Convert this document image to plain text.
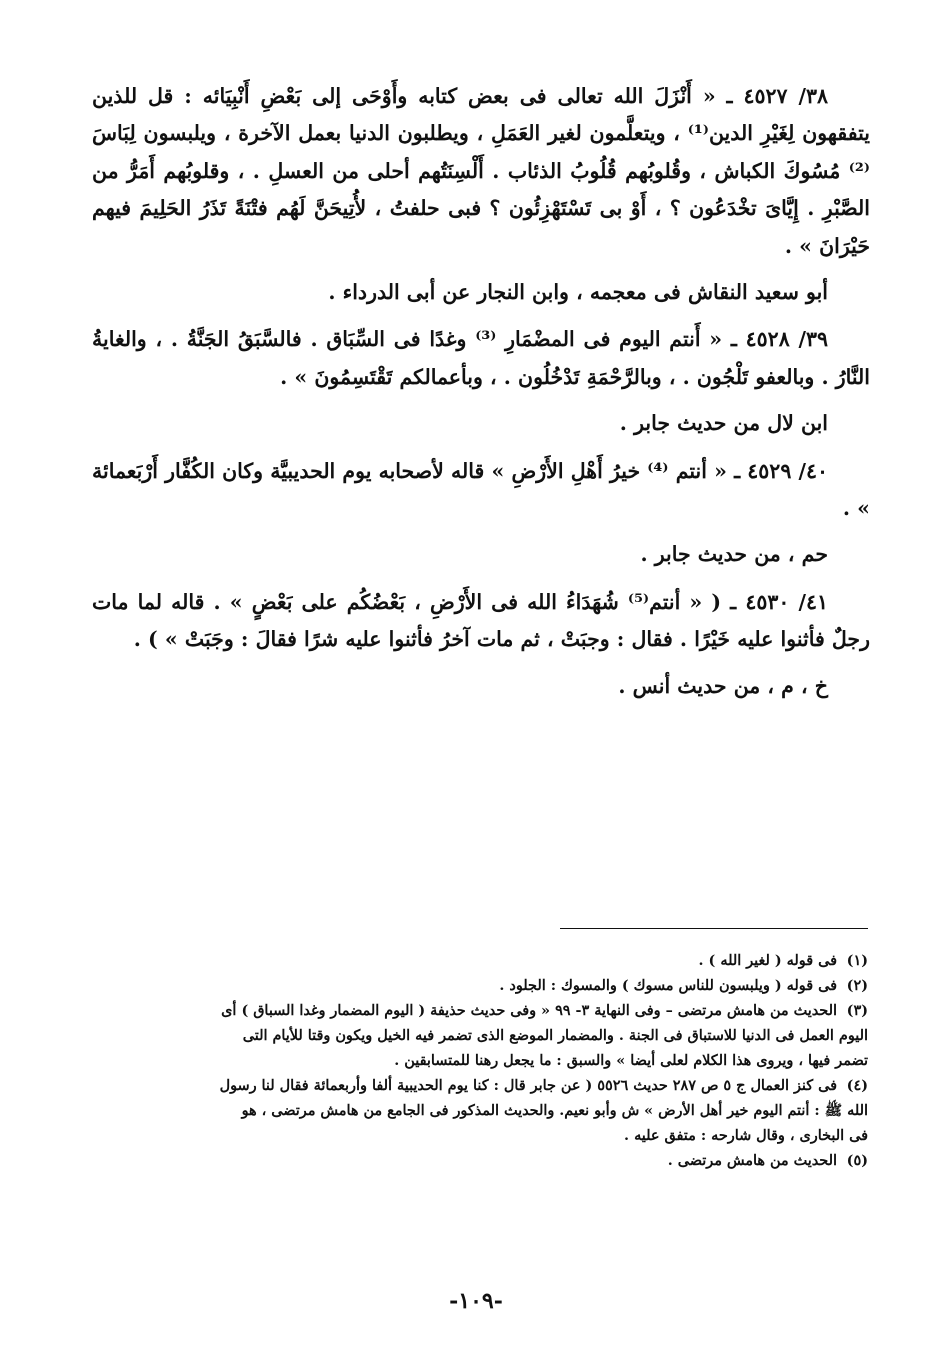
٣٨/ ٤٥٢٧ ـ « أَنْزَلَ الله تعالى فى بعض كتابه وأَوْحَى إلى بَعْضِ أَنْبِيَائه : قل للذين يتفقهون لِغَيْرِ الدين⁽¹⁾ ، ويتعلَّمون لغير العَمَلِ ، ويطلبون الدنيا بعمل الآخرة ، ويلبسون لِبَاسَ ⁽²⁾ مُسُوكَ الكباش ، وقُلوبُهم قُلُوبُ الذئاب . أَلْسِنَتُهم أحلى من العسلِ . ، وقلوبُهم أَمَرُّ من الصَّبْرِ . إِيَّاىَ تخْدَعُون ؟ ، أَوْ بى تَسْتَهْزِئُون ؟ فبى حلفتُ ، لأُتِيحَنَّ لَهُم فتْنَةً تَذَرُ الحَلِيمَ فيهم حَيْرَانَ » .

أبو سعيد النقاش فى معجمه ، وابن النجار عن أبى الدرداء .

٣٩/ ٤٥٢٨ ـ « أَنتم اليوم فى المضْمَارِ ⁽³⁾ وغدًا فى السِّبَاق . فالسَّبَقُ الجَنَّةُ . ، والغايةُ النَّارُ . وبالعفو تَلْجُون . ، وبالرَّحْمَةِ تَدْخُلُون . ، وبأعمالكم تَقْتَسِمُونَ » .

ابن لال من حديث جابر .

٤٠/ ٤٥٢٩ ـ « أنتم ⁽⁴⁾ خيرُ أَهْلِ الأَرْضِ » قاله لأصحابه يوم الحديبيَّة وكان الكُفَّار أَرْبَعمائة » .

حم ، من حديث جابر .

٤١/ ٤٥٣٠ ـ ( « أنتم⁽⁵⁾ شُهَدَاءُ الله فى الأَرْضِ ، بَعْضُكُم على بَعْضٍ » . قاله لما مات رجلٌ فأثنوا عليه خَيْرًا . فقال : وجبَتْ ، ثم مات آخرُ فأثنوا عليه شرًا فقالَ : وجَبَتْ » ) .

خ ، م ، من حديث أنس .

(١) فى قوله ( لغير الله ) .

(٢) فى قوله ( ويلبسون للناس مسوك ) والمسوك : الجلود .

(٣) الحديث من هامش مرتضى – وفى النهاية ٣- ٩٩ « وفى حديث حذيفة ( اليوم المضمار وغدا السباق ) أى

اليوم العمل فى الدنيا للاستباق فى الجنة . والمضمار الموضع الذى تضمر فيه الخيل ويكون وقتا للأيام التى

تضمر فيها ، ويروى هذا الكلام لعلى أيضا » والسبق : ما يجعل رهنا للمتسابقين .

(٤) فى كنز العمال ج ٥ ص ٢٨٧ حديث ٥٥٢٦ ( عن جابر قال : كنا يوم الحديبية ألفا وأربعمائة فقال لنا رسول

الله ﷺ : أنتم اليوم خير أهل الأرض » ش وأبو نعيم. والحديث المذكور فى الجامع من هامش مرتضى ، هو

فى البخارى ، وقال شارحه : متفق عليه .

(٥) الحديث من هامش مرتضى .

-١٠٩-
